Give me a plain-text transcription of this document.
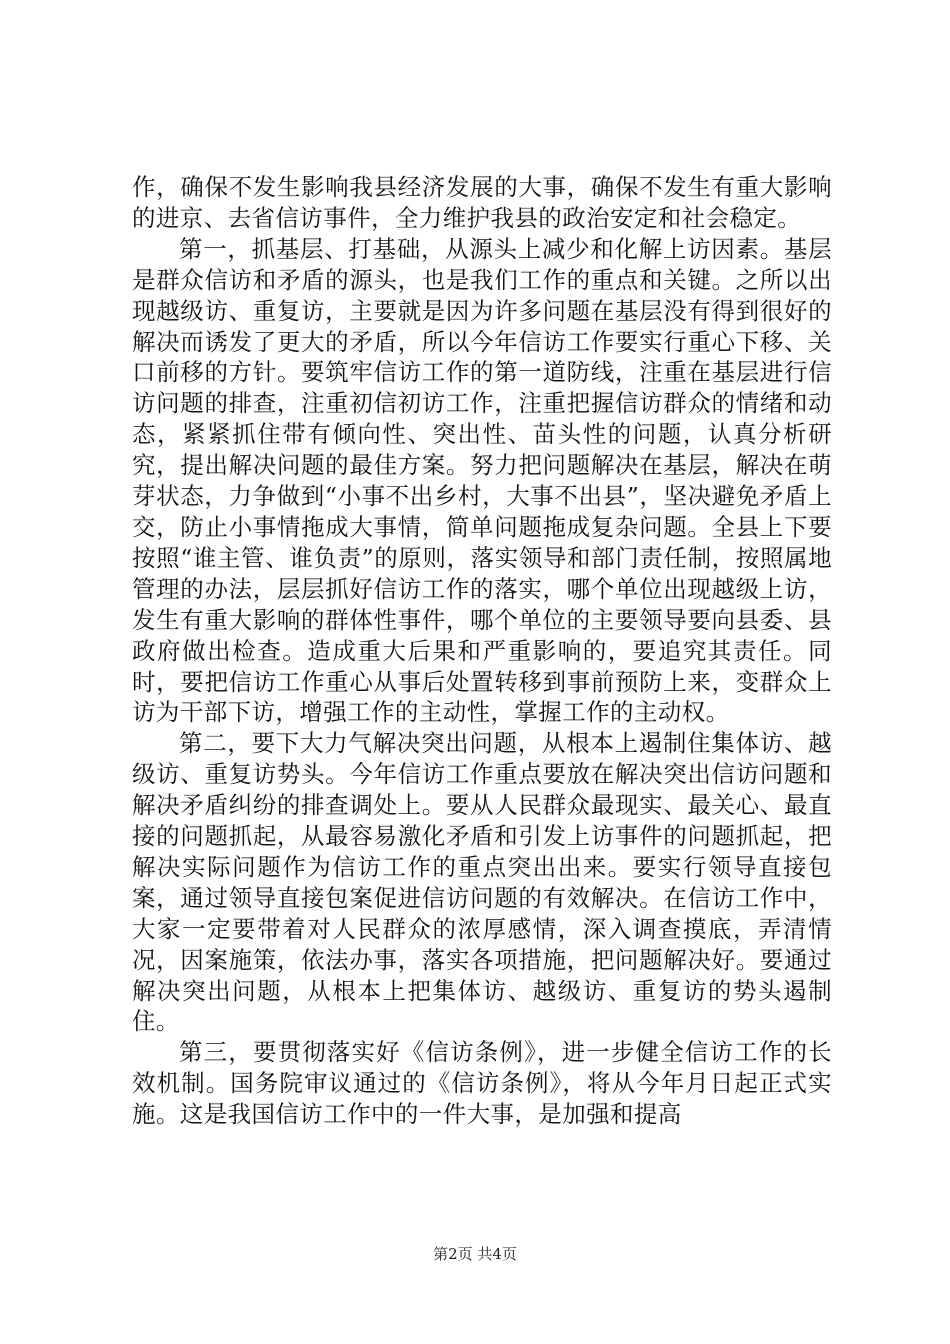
作，确保不发生影响我县经济发展的大事，确保不发生有重大影响的进京、去省信访事件，全力维护我县的政治安定和社会稳定。

第一，抓基层、打基础，从源头上减少和化解上访因素。基层是群众信访和矛盾的源头，也是我们工作的重点和关键。之所以出现越级访、重复访，主要就是因为许多问题在基层没有得到很好的解决而诱发了更大的矛盾，所以今年信访工作要实行重心下移、关口前移的方针。要筑牢信访工作的第一道防线，注重在基层进行信访问题的排查，注重初信初访工作，注重把握信访群众的情绪和动态，紧紧抓住带有倾向性、突出性、苗头性的问题，认真分析研究，提出解决问题的最佳方案。努力把问题解决在基层，解决在萌芽状态，力争做到“小事不出乡村，大事不出县”，坚决避免矛盾上交，防止小事情拖成大事情，简单问题拖成复杂问题。全县上下要按照“谁主管、谁负责”的原则，落实领导和部门责任制，按照属地管理的办法，层层抓好信访工作的落实，哪个单位出现越级上访，发生有重大影响的群体性事件，哪个单位的主要领导要向县委、县政府做出检查。造成重大后果和严重影响的，要追究其责任。同时，要把信访工作重心从事后处置转移到事前预防上来，变群众上访为干部下访，增强工作的主动性，掌握工作的主动权。

第二，要下大力气解决突出问题，从根本上遏制住集体访、越级访、重复访势头。今年信访工作重点要放在解决突出信访问题和解决矛盾纠纷的排查调处上。要从人民群众最现实、最关心、最直接的问题抓起，从最容易激化矛盾和引发上访事件的问题抓起，把解决实际问题作为信访工作的重点突出出来。要实行领导直接包案，通过领导直接包案促进信访问题的有效解决。在信访工作中，大家一定要带着对人民群众的浓厚感情，深入调查摸底，弄清情况，因案施策，依法办事，落实各项措施，把问题解决好。要通过解决突出问题，从根本上把集体访、越级访、重复访的势头遏制住。

第三，要贯彻落实好《信访条例》，进一步健全信访工作的长效机制。国务院审议通过的《信访条例》，将从今年月日起正式实施。这是我国信访工作中的一件大事，是加强和提高

第2页 共4页
